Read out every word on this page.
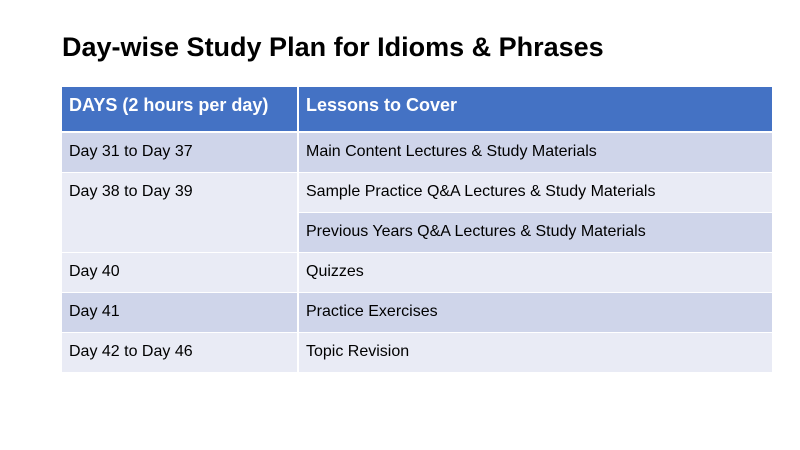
Day-wise Study Plan for Idioms & Phrases
DAYS (2 hours per day)	Lessons to Cover
Day 31 to Day 37	Main Content Lectures & Study Materials
Day 38 to Day 39	Sample Practice Q&A Lectures & Study Materials
	Previous Years Q&A Lectures & Study Materials
Day 40	Quizzes
Day 41	Practice Exercises
Day 42 to Day 46	Topic Revision
